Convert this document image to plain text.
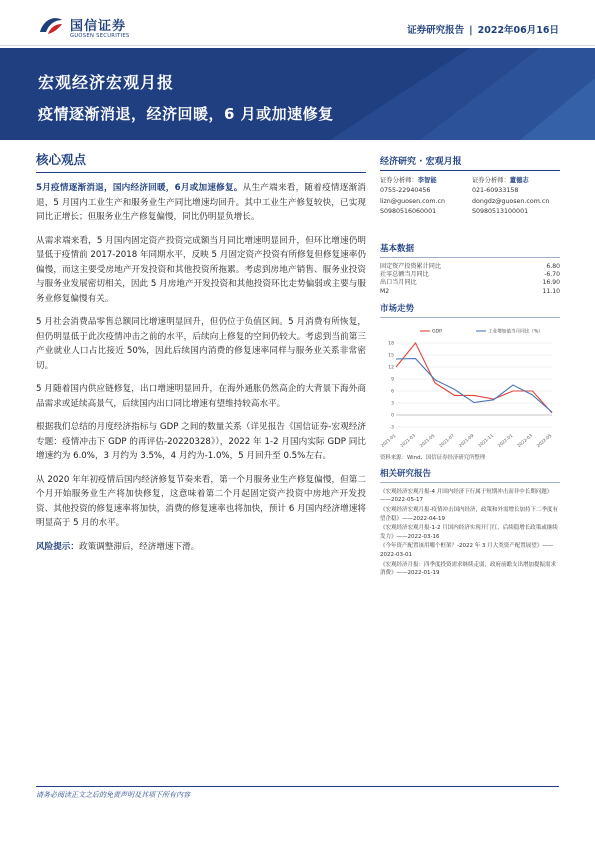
国信证券
GUOSEN SECURITIES	证券研究报告 | 2022年06月16日
宏观经济宏观月报
疫情逐渐消退，经济回暖，6 月或加速修复
核心观点

5月疫情逐渐消退，国内经济回暖，6月或加速修复。从生产端来看，随着疫情逐渐消退，5 月国内工业生产和服务业生产同比增速均回升。其中工业生产修复较快，已实现同比正增长；但服务业生产修复偏慢，同比仍明显负增长。

从需求端来看，5 月国内固定资产投资完成额当月同比增速明显回升，但环比增速仍明显低于疫情前 2017-2018 年同期水平，反映 5 月固定资产投资有所修复但修复速率仍偏慢，而这主要受房地产开发投资和其他投资所拖累。考虑到房地产销售、服务业投资与服务业发展密切相关，因此 5 月房地产开发投资和其他投资环比走势偏弱或主要与服务业修复偏慢有关。

5 月社会消费品零售总额同比增速明显回升，但仍位于负值区间。5 月消费有所恢复，但仍明显低于此次疫情冲击之前的水平，后续向上修复的空间仍较大。考虑到当前第三产业就业人口占比接近 50%，因此后续国内消费的修复速率同样与服务业关系非常密切。

5 月随着国内供应链修复，出口增速明显回升，在海外通胀仍然高企的大背景下海外商品需求或延续高景气，后续国内出口同比增速有望维持较高水平。

根据我们总结的月度经济指标与 GDP 之间的数量关系（详见报告《国信证券-宏观经济专题：疫情冲击下 GDP 的再评估-20220328》），2022 年 1-2 月国内实际 GDP 同比增速约为 6.0%，3 月约为 3.5%，4 月约为-1.0%，5 月回升至 0.5%左右。

从 2020 年年初疫情后国内经济修复节奏来看，第一个月服务业生产修复偏慢，但第二个月开始服务业生产将加快修复，这意味着第二个月起固定资产投资中房地产开发投资、其他投资的修复速率将加快，消费的修复速率也将加快，预计 6 月国内经济增速将明显高于 5 月的水平。

风险提示：政策调整滞后，经济增速下滑。

经济研究 · 宏观月报
证券分析师：李智能
0755-22940456
lizn@guosen.com.cn
S0980516060001
证券分析师：董德志
021-60933158
dongdz@guosen.com.cn
S0980513100001
基本数据
固定资产投资累计同比	6.80
社零总额当月同比	-6.70
出口当月同比	16.90
M2	11.10
市场走势
-3
0
3
6
9
12
15
18
2021-01 2021-03 2021-05 2021-07 2021-09 2021-11 2022-01 2022-03 2022-05
GDP	工业增加值当月同比（%）
资料来源：Wind、国信证券经济研究所整理
相关研究报告
《宏观经济宏观月报-4 月国内经济下行属于短期冲击而非中长期问题》——2022-05-17
《宏观经济宏观月报-疫情冲击国内经济，政策和外需增长加持下二季度有望企稳》——2022-04-19
《宏观经济宏观月报-1-2 月国内经济实现开门红，后续稳增长政策或继续发力》——2022-03-16
《今年资产配置该用哪个框架？-2022 年 3 月大类资产配置展望》——2022-03-01
《宏观经济月报：四季度投资需求继续走弱，政府前瞻支出增加提振需求消费》——2022-01-19
请务必阅读正文之后的免责声明及其项下所有内容
